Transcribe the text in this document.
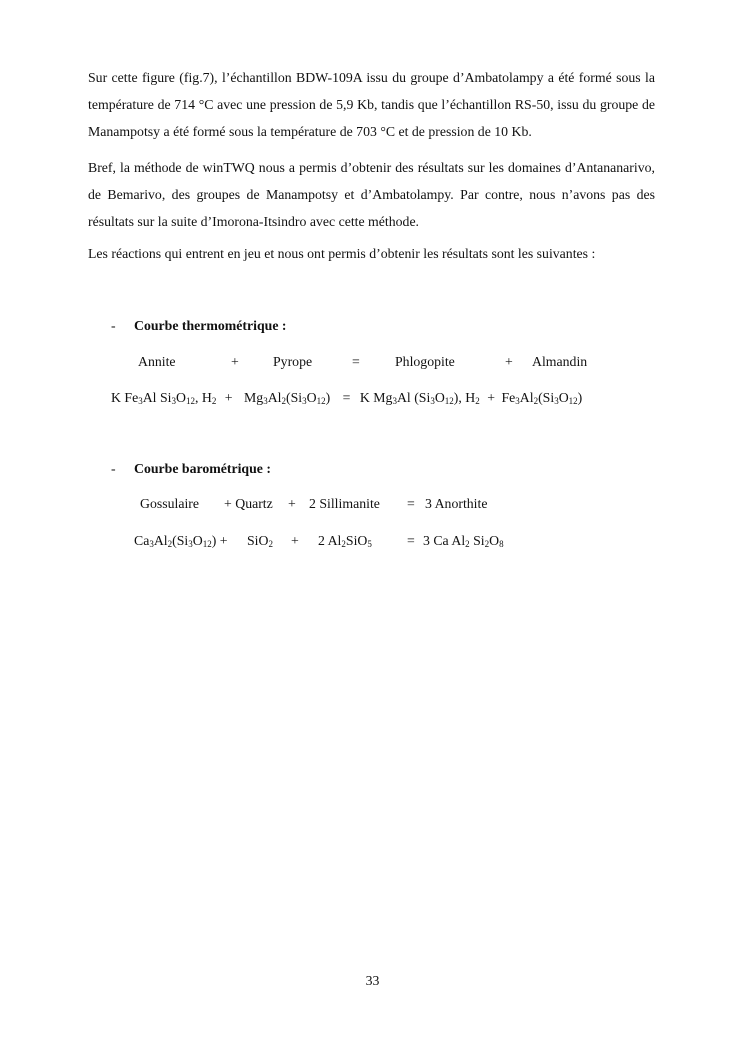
Sur cette figure (fig.7), l’échantillon BDW-109A issu du groupe d’Ambatolampy a été formé sous la température de 714 °C avec une pression de 5,9 Kb, tandis que l’échantillon RS-50, issu du groupe de Manampotsy a été formé sous la température de 703 °C et de pression de 10 Kb.

Bref, la méthode de winTWQ nous a permis d’obtenir des résultats sur les domaines d’Antananarivo, de Bemarivo, des groupes de Manampotsy et d’Ambatolampy. Par contre, nous n’avons pas des résultats sur la suite d’Imorona-Itsindro avec cette méthode.

Les réactions qui entrent en jeu et nous ont permis d’obtenir les résultats sont les suivantes :

- Courbe thermométrique :
Annite	+ Pyrope	=	Phlogopite	+ Almandin
K $Fe_3Al$ $Si_3O_{12}$, $H_2 + Mg_3Al_2(Si_3O_{12}) = K$ $Mg_3Al$ $(Si_3O_{12})$, $H_2 + Fe_3Al_2(Si_3O_{12})$
- Courbe barométrique :
Gossulaire + Quartz + 2 Sillimanite = 3 Anorthite
$Ca_3Al_2(Si_3O_{12}) + SiO_2 + 2$ $Al_2SiO_5$	= 3 Ca $Al_2$ $Si_2O_8$
33
